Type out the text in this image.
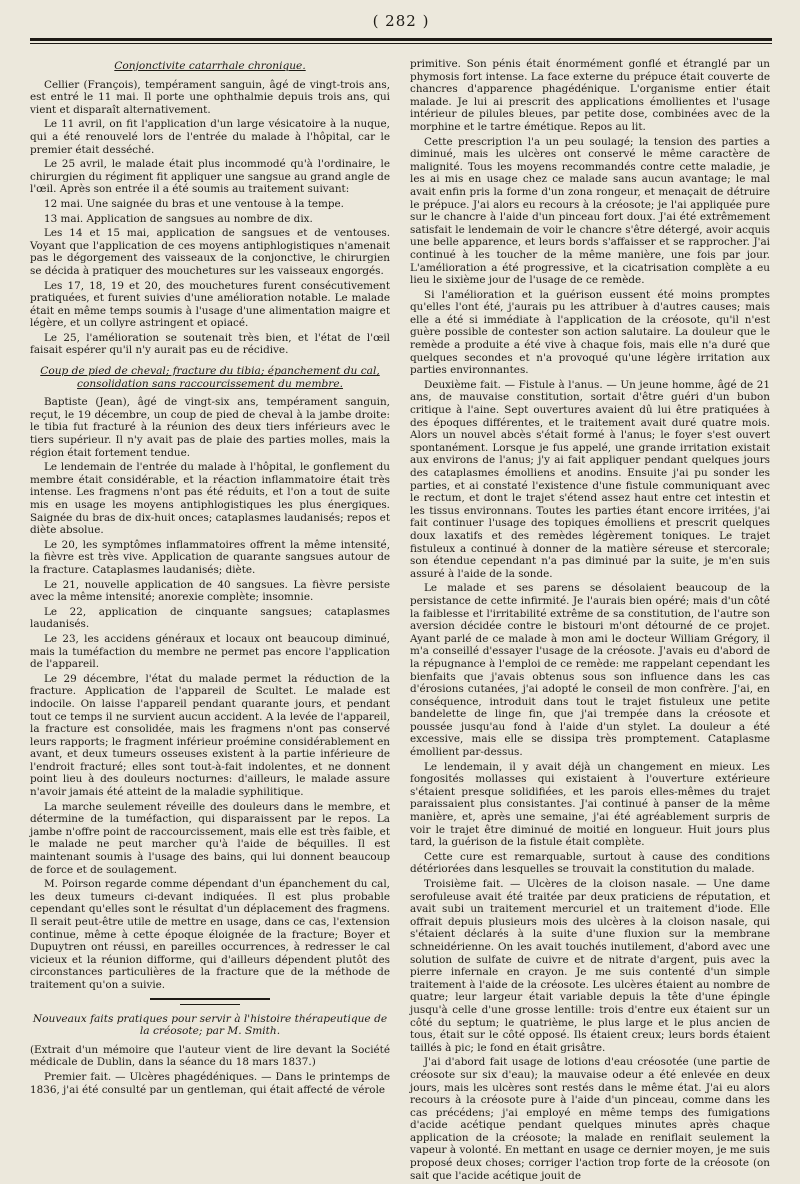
( 282 )
Conjonctivite catarrhale chronique.

Cellier (François), tempérament sanguin, âgé de vingt-trois ans, est entré le 11 mai. Il porte une ophthalmie depuis trois ans, qui vient et disparaît alternativement.

Le 11 avril, on fit l'application d'un large vésicatoire à la nuque, qui a été renouvelé lors de l'entrée du malade à l'hôpital, car le premier était desséché.

Le 25 avril, le malade était plus incommodé qu'à l'ordinaire, le chirurgien du régiment fit appliquer une sangsue au grand angle de l'œil. Après son entrée il a été soumis au traitement suivant:

12 mai. Une saignée du bras et une ventouse à la tempe.

13 mai. Application de sangsues au nombre de dix.

Les 14 et 15 mai, application de sangsues et de ventouses. Voyant que l'application de ces moyens antiphlogistiques n'amenait pas le dégorgement des vaisseaux de la conjonctive, le chirurgien se décida à pratiquer des mouchetures sur les vaisseaux engorgés.

Les 17, 18, 19 et 20, des mouchetures furent consécutivement pratiquées, et furent suivies d'une amélioration notable. Le malade était en même temps soumis à l'usage d'une alimentation maigre et légère, et un collyre astringent et opiacé.

Le 25, l'amélioration se soutenait très bien, et l'état de l'œil faisait espérer qu'il n'y aurait pas eu de récidive.

Coup de pied de cheval; fracture du tibia; épanchement du cal, consolidation sans raccourcissement du membre.

Baptiste (Jean), âgé de vingt-six ans, tempérament sanguin, reçut, le 19 décembre, un coup de pied de cheval à la jambe droite: le tibia fut fracturé à la réunion des deux tiers inférieurs avec le tiers supérieur. Il n'y avait pas de plaie des parties molles, mais la région était fortement tendue.

Le lendemain de l'entrée du malade à l'hôpital, le gonflement du membre était considérable, et la réaction inflammatoire était très intense. Les fragmens n'ont pas été réduits, et l'on a tout de suite mis en usage les moyens antiphlogistiques les plus énergiques. Saignée du bras de dix-huit onces; cataplasmes laudanisés; repos et diète absolue.

Le 20, les symptômes inflammatoires offrent la même intensité, la fièvre est très vive. Application de quarante sangsues autour de la fracture. Cataplasmes laudanisés; diète.

Le 21, nouvelle application de 40 sangsues. La fièvre persiste avec la même intensité; anorexie complète; insomnie.

Le 22, application de cinquante sangsues; cataplasmes laudanisés.

Le 23, les accidens généraux et locaux ont beaucoup diminué, mais la tuméfaction du membre ne permet pas encore l'application de l'appareil.

Le 29 décembre, l'état du malade permet la réduction de la fracture. Application de l'appareil de Scultet. Le malade est indocile. On laisse l'appareil pendant quarante jours, et pendant tout ce temps il ne survient aucun accident. A la levée de l'appareil, la fracture est consolidée, mais les fragmens n'ont pas conservé leurs rapports; le fragment inférieur proémine considérablement en avant, et deux tumeurs osseuses existent à la partie inférieure de l'endroit fracturé; elles sont tout-à-fait indolentes, et ne donnent point lieu à des douleurs nocturnes: d'ailleurs, le malade assure n'avoir jamais été atteint de la maladie syphilitique.

La marche seulement réveille des douleurs dans le membre, et détermine de la tuméfaction, qui disparaissent par le repos. La jambe n'offre point de raccourcissement, mais elle est très faible, et le malade ne peut marcher qu'à l'aide de béquilles. Il est maintenant soumis à l'usage des bains, qui lui donnent beaucoup de force et de soulagement.

M. Poirson regarde comme dépendant d'un épanchement du cal, les deux tumeurs ci-devant indiquées. Il est plus probable cependant qu'elles sont le résultat d'un déplacement des fragmens. Il serait peut-être utile de mettre en usage, dans ce cas, l'extension continue, même à cette époque éloignée de la fracture; Boyer et Dupuytren ont réussi, en pareilles occurrences, à redresser le cal vicieux et la réunion difforme, qui d'ailleurs dépendent plutôt des circonstances particulières de la fracture que de la méthode de traitement qu'on a suivie.

Nouveaux faits pratiques pour servir à l'histoire thérapeutique de la créosote; par M. Smith.

(Extrait d'un mémoire que l'auteur vient de lire devant la Société médicale de Dublin, dans la séance du 18 mars 1837.)

Premier fait. — Ulcères phagédéniques. — Dans le printemps de 1836, j'ai été consulté par un gentleman, qui était affecté de vérole

primitive. Son pénis était énormément gonflé et étranglé par un phymosis fort intense. La face externe du prépuce était couverte de chancres d'apparence phagédénique. L'organisme entier était malade. Je lui ai prescrit des applications émollientes et l'usage intérieur de pilules bleues, par petite dose, combinées avec de la morphine et le tartre émétique. Repos au lit.

Cette prescription l'a un peu soulagé; la tension des parties a diminué, mais les ulcères ont conservé le même caractère de malignité. Tous les moyens recommandés contre cette maladie, je les ai mis en usage chez ce malade sans aucun avantage; le mal avait enfin pris la forme d'un zona rongeur, et menaçait de détruire le prépuce. J'ai alors eu recours à la créosote; je l'ai appliquée pure sur le chancre à l'aide d'un pinceau fort doux. J'ai été extrêmement satisfait le lendemain de voir le chancre s'être détergé, avoir acquis une belle apparence, et leurs bords s'affaisser et se rapprocher. J'ai continué à les toucher de la même manière, une fois par jour. L'amélioration a été progressive, et la cicatrisation complète a eu lieu le sixième jour de l'usage de ce remède.

Si l'amélioration et la guérison eussent été moins promptes qu'elles l'ont été, j'aurais pu les attribuer à d'autres causes; mais elle a été si immédiate à l'application de la créosote, qu'il n'est guère possible de contester son action salutaire. La douleur que le remède a produite a été vive à chaque fois, mais elle n'a duré que quelques secondes et n'a provoqué qu'une légère irritation aux parties environnantes.

Deuxième fait. — Fistule à l'anus. — Un jeune homme, âgé de 21 ans, de mauvaise constitution, sortait d'être guéri d'un bubon critique à l'aine. Sept ouvertures avaient dû lui être pratiquées à des époques différentes, et le traitement avait duré quatre mois. Alors un nouvel abcès s'était formé à l'anus; le foyer s'est ouvert spontanément. Lorsque je fus appelé, une grande irritation existait aux environs de l'anus; j'y ai fait appliquer pendant quelques jours des cataplasmes émolliens et anodins. Ensuite j'ai pu sonder les parties, et ai constaté l'existence d'une fistule communiquant avec le rectum, et dont le trajet s'étend assez haut entre cet intestin et les tissus environnans. Toutes les parties étant encore irritées, j'ai fait continuer l'usage des topiques émolliens et prescrit quelques doux laxatifs et des remèdes légèrement toniques. Le trajet fistuleux a continué à donner de la matière séreuse et stercorale; son étendue cependant n'a pas diminué par la suite, je m'en suis assuré à l'aide de la sonde.

Le malade et ses parens se désolaient beaucoup de la persistance de cette infirmité. Je l'aurais bien opéré; mais d'un côté la faiblesse et l'irritabilité extrême de sa constitution, de l'autre son aversion décidée contre le bistouri m'ont détourné de ce projet. Ayant parlé de ce malade à mon ami le docteur William Grégory, il m'a conseillé d'essayer l'usage de la créosote. J'avais eu d'abord de la répugnance à l'emploi de ce remède: me rappelant cependant les bienfaits que j'avais obtenus sous son influence dans les cas d'érosions cutanées, j'ai adopté le conseil de mon confrère. J'ai, en conséquence, introduit dans tout le trajet fistuleux une petite bandelette de linge fin, que j'ai trempée dans la créosote et poussée jusqu'au fond à l'aide d'un stylet. La douleur a été excessive, mais elle se dissipa très promptement. Cataplasme émollient par-dessus.

Le lendemain, il y avait déjà un changement en mieux. Les fongosités mollasses qui existaient à l'ouverture extérieure s'étaient presque solidifiées, et les parois elles-mêmes du trajet paraissaient plus consistantes. J'ai continué à panser de la même manière, et, après une semaine, j'ai été agréablement surpris de voir le trajet être diminué de moitié en longueur. Huit jours plus tard, la guérison de la fistule était complète.

Cette cure est remarquable, surtout à cause des conditions détériorées dans lesquelles se trouvait la constitution du malade.

Troisième fait. — Ulcères de la cloison nasale. — Une dame serofuleuse avait été traitée par deux praticiens de réputation, et avait subi un traitement mercuriel et un traitement d'iode. Elle offrait depuis plusieurs mois des ulcères à la cloison nasale, qui s'étaient déclarés à la suite d'une fluxion sur la membrane schneidérienne. On les avait touchés inutilement, d'abord avec une solution de sulfate de cuivre et de nitrate d'argent, puis avec la pierre infernale en crayon. Je me suis contenté d'un simple traitement à l'aide de la créosote. Les ulcères étaient au nombre de quatre; leur largeur était variable depuis la tête d'une épingle jusqu'à celle d'une grosse lentille: trois d'entre eux étaient sur un côté du septum; le quatrième, le plus large et le plus ancien de tous, était sur le côté opposé. Ils étaient creux; leurs bords étaient taillés à pic; le fond en était grisâtre.

J'ai d'abord fait usage de lotions d'eau créosotée (une partie de créosote sur six d'eau); la mauvaise odeur a été enlevée en deux jours, mais les ulcères sont restés dans le même état. J'ai eu alors recours à la créosote pure à l'aide d'un pinceau, comme dans les cas précédens; j'ai employé en même temps des fumigations d'acide acétique pendant quelques minutes après chaque application de la créosote; la malade en reniflait seulement la vapeur à volonté. En mettant en usage ce dernier moyen, je me suis proposé deux choses; corriger l'action trop forte de la créosote (on sait que l'acide acétique jouit de
